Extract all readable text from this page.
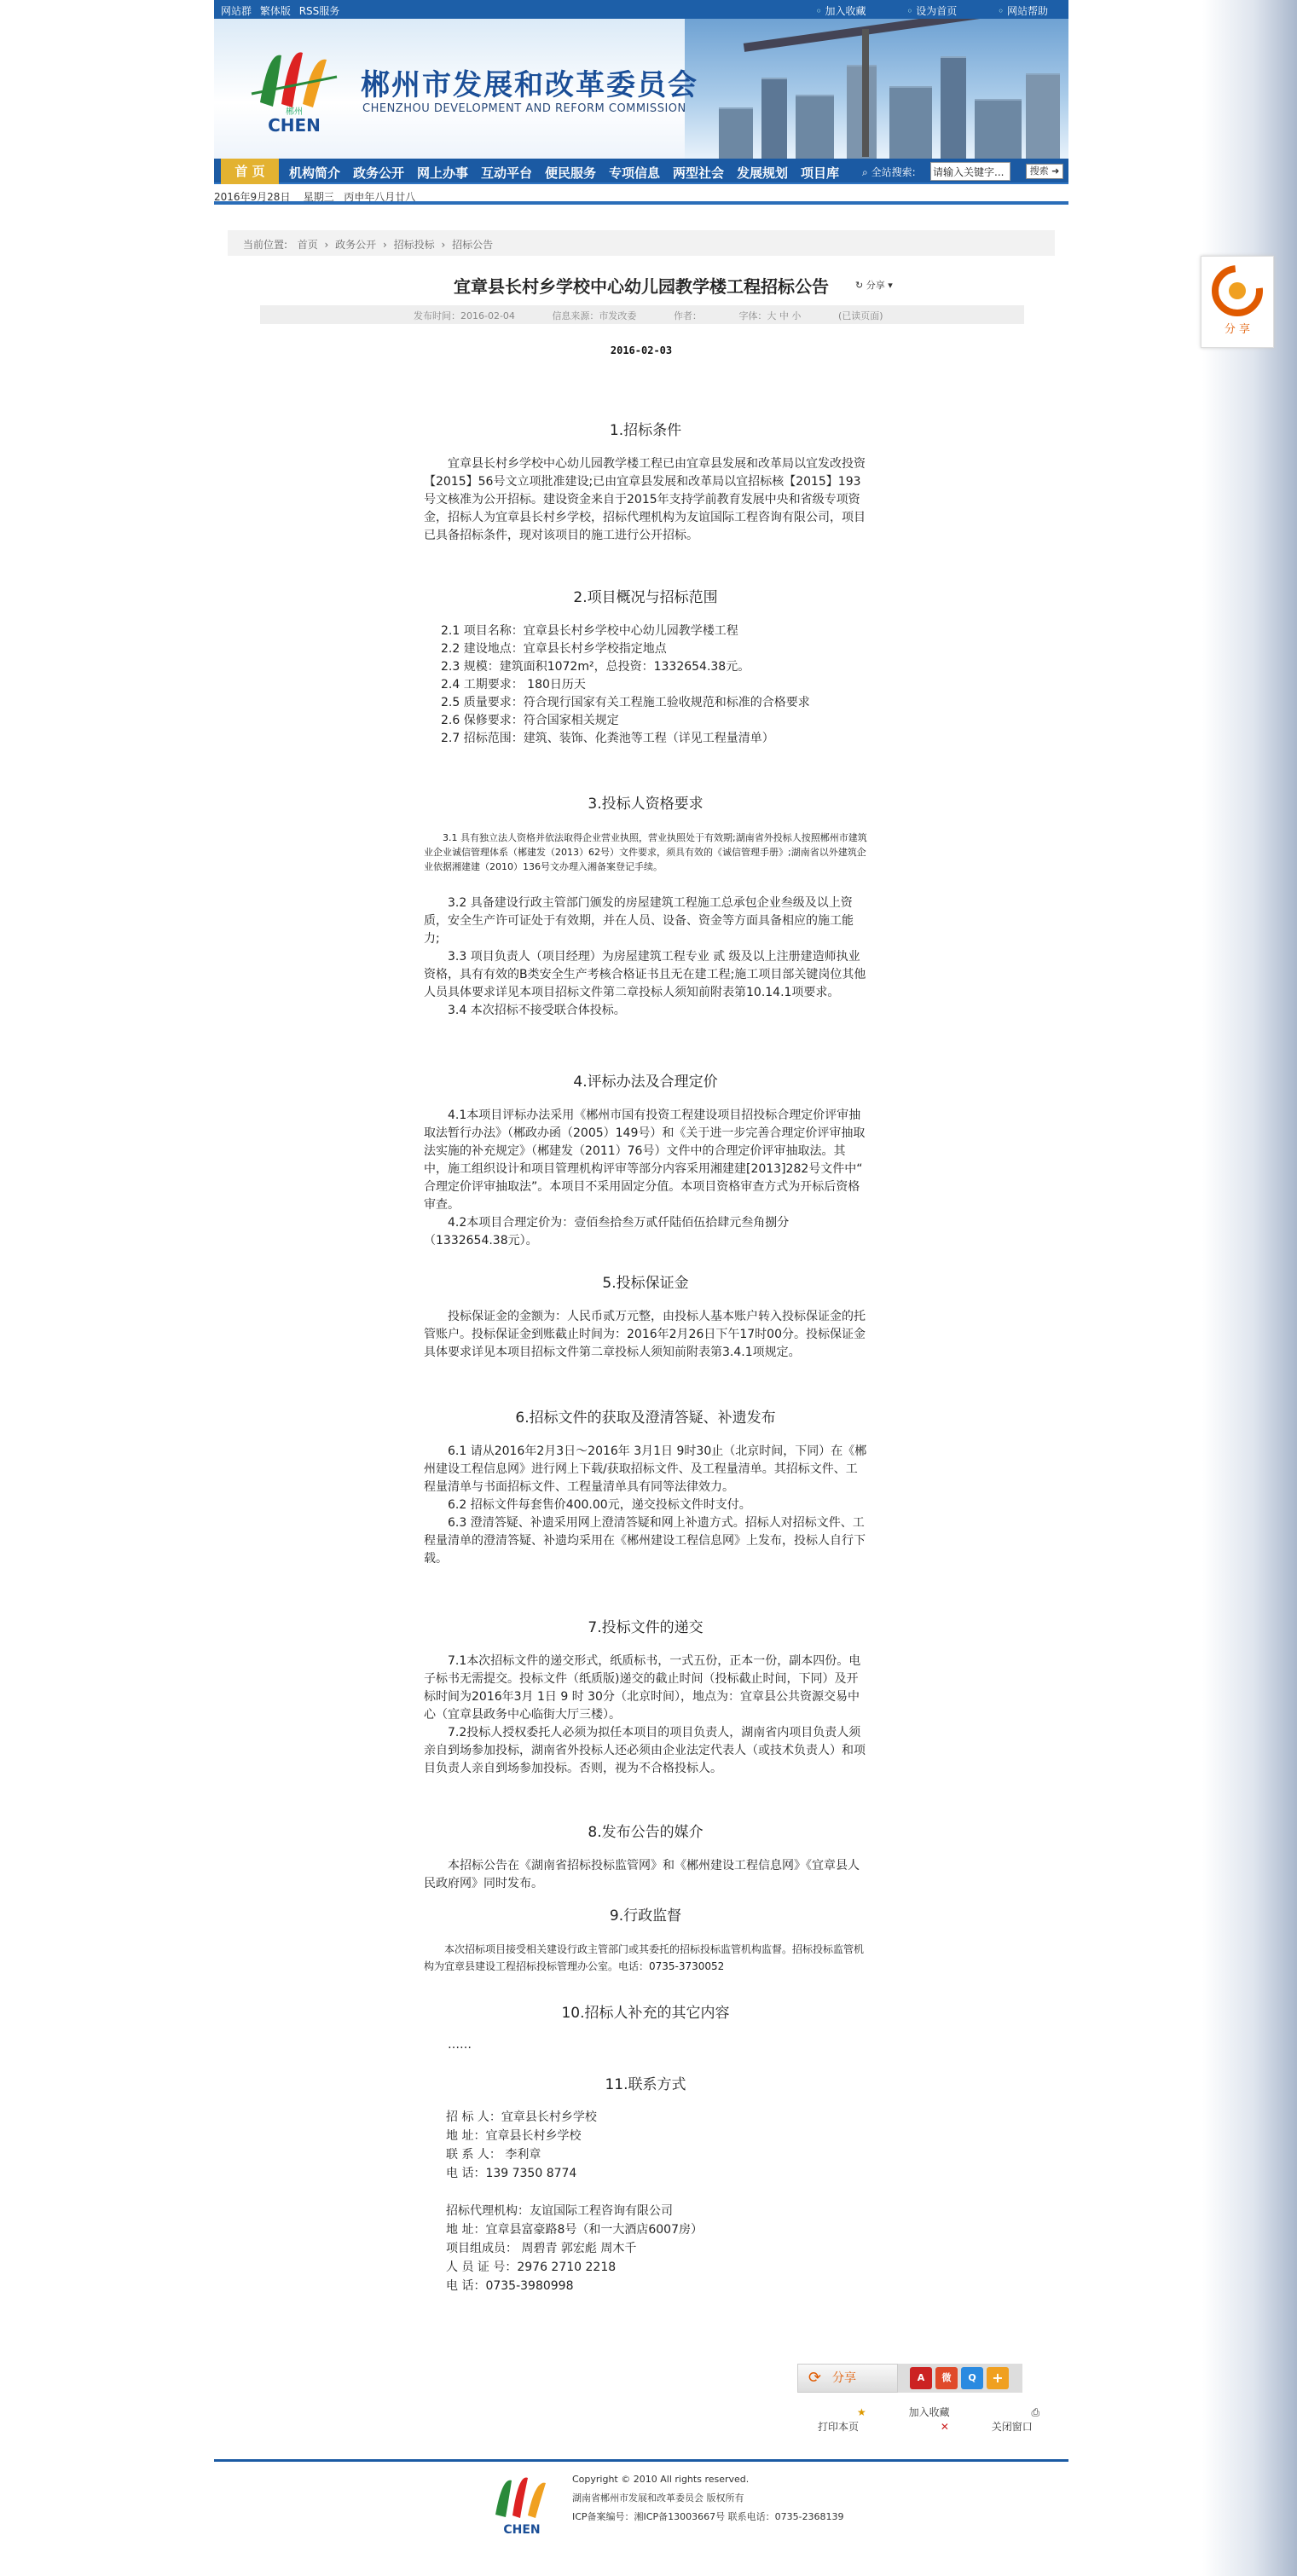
网站群 繁体版 RSS服务	◦ 加入收藏	◦ 设为首页	◦ 网站帮助
郴州
CHEN
郴州市发展和改革委员会
CHENZHOU DEVELOPMENT AND REFORM COMMISSION
首 页	机构简介 政务公开 网上办事 互动平台 便民服务 专项信息 两型社会 发展规划 项目库 ⌕ 全站搜索: 请输入关键字...	搜索 ➜
2016年9月28日 星期三 丙申年八月廿八
当前位置: 首页 › 政务公开 › 招标投标 › 招标公告
宜章县长村乡学校中心幼儿园教学楼工程招标公告	↻ 分享 ▾
发布时间：2016-02-04	信息来源：市发改委	作者：	字体：大 中 小	(已读页面)
2016-02-03
1.招标条件

宜章县长村乡学校中心幼儿园教学楼工程已由宜章县发展和改革局以宜发改投资【2015】56号文立项批准建设;已由宜章县发展和改革局以宜招标核【2015】193号文核准为公开招标。建设资金来自于2015年支持学前教育发展中央和省级专项资金，招标人为宜章县长村乡学校，招标代理机构为友谊国际工程咨询有限公司，项目已具备招标条件，现对该项目的施工进行公开招标。

2.项目概况与招标范围

2.1 项目名称：宜章县长村乡学校中心幼儿园教学楼工程

2.2 建设地点：宜章县长村乡学校指定地点

2.3 规模：建筑面积1072m²，总投资：1332654.38元。

2.4 工期要求： 180日历天

2.5 质量要求：符合现行国家有关工程施工验收规范和标准的合格要求

2.6 保修要求：符合国家相关规定

2.7 招标范围：建筑、装饰、化粪池等工程（详见工程量清单）

3.投标人资格要求

3.1 具有独立法人资格并依法取得企业营业执照，营业执照处于有效期;湖南省外投标人按照郴州市建筑业企业诚信管理体系（郴建发（2013）62号）文件要求，须具有效的《诚信管理手册》;湖南省以外建筑企业依据湘建建（2010）136号文办理入湘备案登记手续。

3.2 具备建设行政主管部门颁发的房屋建筑工程施工总承包企业叁级及以上资质，安全生产许可证处于有效期，并在人员、设备、资金等方面具备相应的施工能力;

3.3 项目负责人（项目经理）为房屋建筑工程专业 贰 级及以上注册建造师执业资格，具有有效的B类安全生产考核合格证书且无在建工程;施工项目部关键岗位其他人员具体要求详见本项目招标文件第二章投标人须知前附表第10.14.1项要求。

3.4 本次招标不接受联合体投标。

4.评标办法及合理定价

4.1本项目评标办法采用《郴州市国有投资工程建设项目招投标合理定价评审抽取法暂行办法》（郴政办函（2005）149号）和《关于进一步完善合理定价评审抽取法实施的补充规定》（郴建发（2011）76号）文件中的合理定价评审抽取法。其中，施工组织设计和项目管理机构评审等部分内容采用湘建建[2013]282号文件中“ 合理定价评审抽取法”。本项目不采用固定分值。本项目资格审查方式为开标后资格审查。

4.2本项目合理定价为：壹佰叁拾叁万贰仟陆佰伍拾肆元叁角捌分（1332654.38元）。

5.投标保证金

投标保证金的金额为：人民币贰万元整，由投标人基本账户转入投标保证金的托管账户。投标保证金到账截止时间为：2016年2月26日下午17时00分。投标保证金具体要求详见本项目招标文件第二章投标人须知前附表第3.4.1项规定。

6.招标文件的获取及澄清答疑、补遗发布

6.1 请从2016年2月3日～2016年 3月1日 9时30止（北京时间，下同）在《郴州建设工程信息网》进行网上下载/获取招标文件、及工程量清单。其招标文件、工程量清单与书面招标文件、工程量清单具有同等法律效力。

6.2 招标文件每套售价400.00元，递交投标文件时支付。

6.3 澄清答疑、补遗采用网上澄清答疑和网上补遗方式。招标人对招标文件、工程量清单的澄清答疑、补遗均采用在《郴州建设工程信息网》上发布，投标人自行下载。

7.投标文件的递交

7.1本次招标文件的递交形式，纸质标书，一式五份，正本一份，副本四份。电子标书无需提交。投标文件（纸质版)递交的截止时间（投标截止时间，下同）及开标时间为2016年3月 1日 9 时 30分（北京时间），地点为：宜章县公共资源交易中心（宜章县政务中心临街大厅三楼）。

7.2投标人授权委托人必须为拟任本项目的项目负责人，湖南省内项目负责人须亲自到场参加投标，湖南省外投标人还必须由企业法定代表人（或技术负责人）和项目负责人亲自到场参加投标。否则，视为不合格投标人。

8.发布公告的媒介

本招标公告在《湖南省招标投标监管网》和《郴州建设工程信息网》《宜章县人民政府网》同时发布。

9.行政监督

本次招标项目接受相关建设行政主管部门或其委托的招标投标监管机构监督。招标投标监管机构为宜章县建设工程招标投标管理办公室。电话：0735-3730052

10.招标人补充的其它内容

……

11.联系方式

招 标 人：宜章县长村乡学校

地 址：宜章县长村乡学校

联 系 人： 李利章

电 话：139 7350 8774

招标代理机构：友谊国际工程咨询有限公司

地 址：宜章县富豪路8号（和一大酒店6007房）

项目组成员： 周碧青 郭宏彪 周木千

人 员 证 号：2976 2710 2218

电 话：0735-3980998

⟳ 分享	A	微	Q	+
★	加入收藏	⎙ 打印本页	✕	关闭窗口
CHEN

Copyright © 2010 All rights reserved.

湖南省郴州市发展和改革委员会 版权所有

ICP备案编号：湘ICP备13003667号 联系电话：0735-2368139

分 享
